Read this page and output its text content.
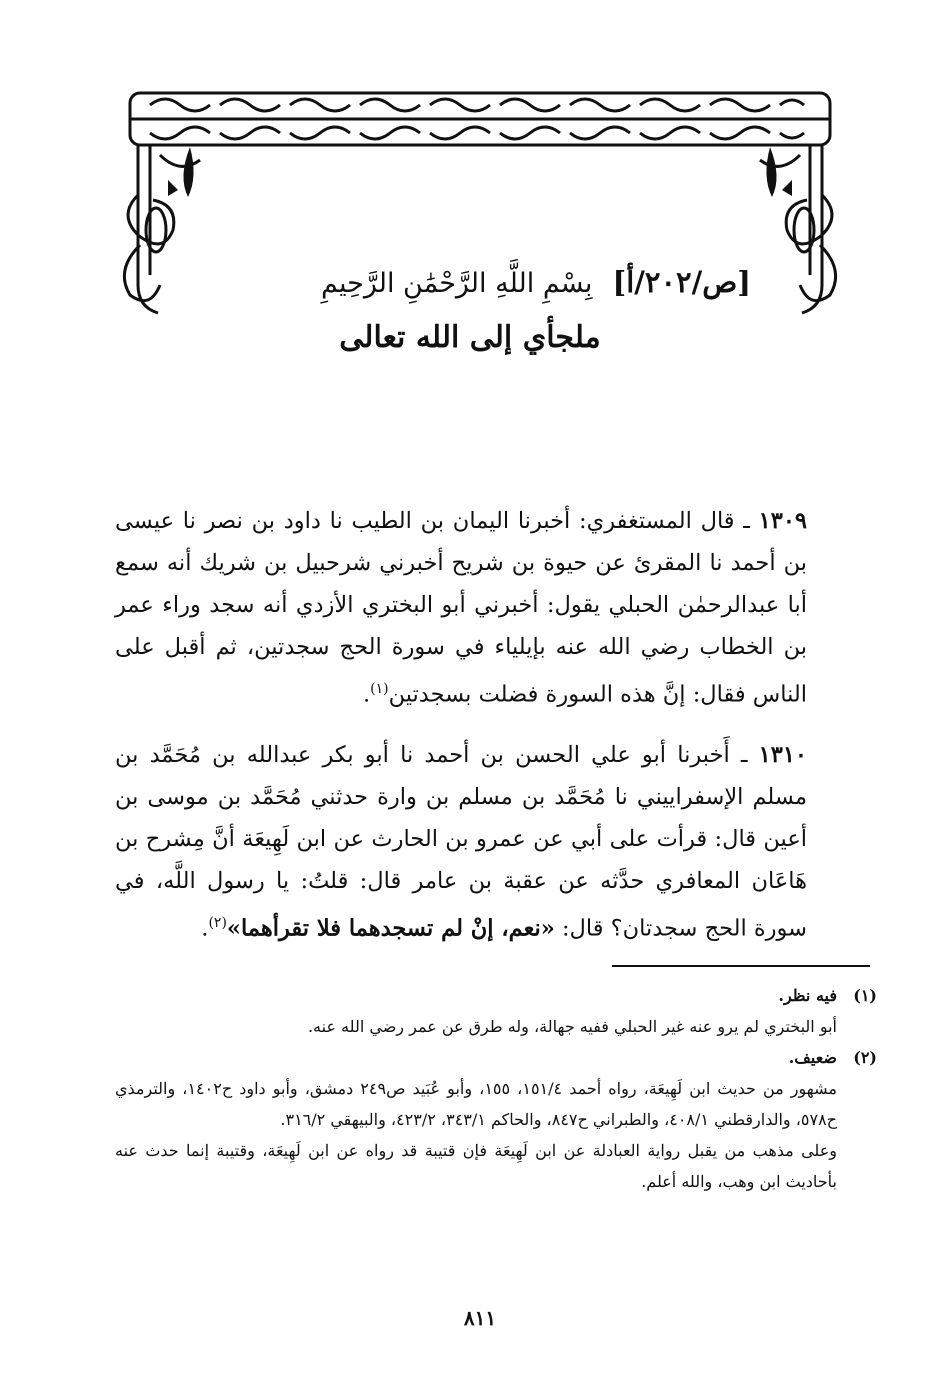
[ص/٢٠٢/أ] بِسْمِ اللَّهِ الرَّحْمَٰنِ الرَّحِيمِ
ملجأي إلى الله تعالى

١٣٠٩ ـ قال المستغفري: أخبرنا اليمان بن الطيب نا داود بن نصر نا عيسى بن أحمد نا المقرئ عن حيوة بن شريح أخبرني شرحبيل بن شريك أنه سمع أبا عبدالرحمٰن الحبلي يقول: أخبرني أبو البختري الأزدي أنه سجد وراء عمر بن الخطاب رضي الله عنه بإيلياء في سورة الحج سجدتين، ثم أقبل على الناس فقال: إنَّ هذه السورة فضلت بسجدتين$^{(١)}$.

١٣١٠ ـ أَخبرنا أبو علي الحسن بن أحمد نا أبو بكر عبدالله بن مُحَمَّد بن مسلم الإسفراييني نا مُحَمَّد بن مسلم بن وارة حدثني مُحَمَّد بن موسى بن أعين قال: قرأت على أبي عن عمرو بن الحارث عن ابن لَهِيعَة أنَّ مِشرح بن هَاعَان المعافري حدَّثه عن عقبة بن عامر قال: قلتُ: يا رسول اللَّه، في سورة الحج سجدتان؟ قال: «نعم، إنْ لم تسجدهما فلا تقرأهما»$^{(٢)}$.

(١)
فيه نظر.
أبو البختري لم يرو عنه غير الحبلي ففيه جهالة، وله طرق عن عمر رضي الله عنه.
(٢)
ضعيف.
مشهور من حديث ابن لَهِيعَة، رواه أحمد ١٥١/٤، ١٥٥، وأبو عُبَيد ص٢٤٩ دمشق، وأبو داود ح١٤٠٢، والترمذي ح٥٧٨، والدارقطني ٤٠٨/١، والطبراني ح٨٤٧، والحاكم ٣٤٣/١، ٤٢٣/٢، والبيهقي ٣١٦/٢.
وعلى مذهب من يقبل رواية العبادلة عن ابن لَهِيعَة فإن قتيبة قد رواه عن ابن لَهِيعَة، وقتيبة إنما حدث عنه بأحاديث ابن وهب، والله أعلم.
٨١١
